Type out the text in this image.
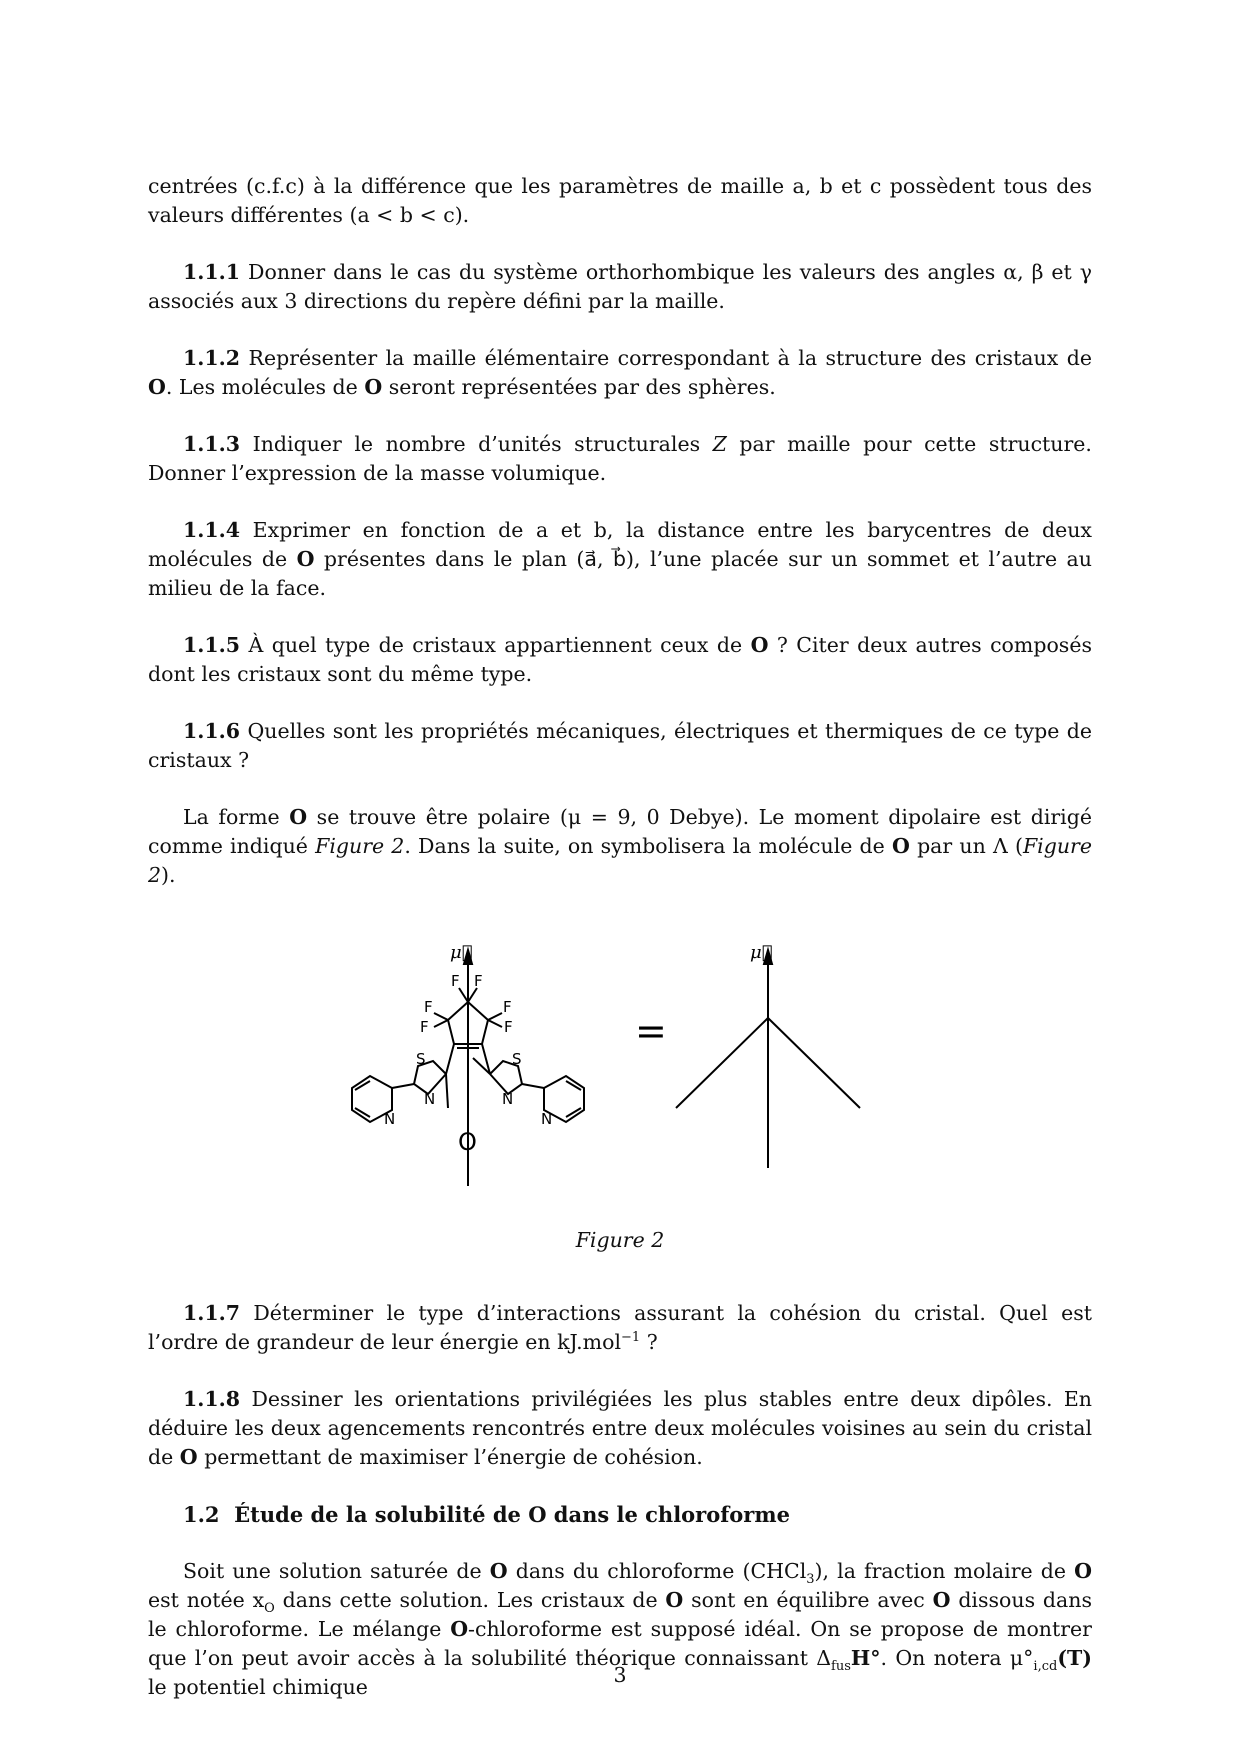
centrées (c.f.c) à la différence que les paramètres de maille a, b et c possèdent tous des valeurs différentes (a < b < c).

1.1.1 Donner dans le cas du système orthorhombique les valeurs des angles α, β et γ associés aux 3 directions du repère défini par la maille.

1.1.2 Représenter la maille élémentaire correspondant à la structure des cristaux de O. Les molécules de O seront représentées par des sphères.

1.1.3 Indiquer le nombre d’unités structurales Z par maille pour cette structure. Donner l’expression de la masse volumique.

1.1.4 Exprimer en fonction de a et b, la distance entre les barycentres de deux molécules de O présentes dans le plan (a⃗, b⃗), l’une placée sur un sommet et l’autre au milieu de la face.

1.1.5 À quel type de cristaux appartiennent ceux de O ? Citer deux autres composés dont les cristaux sont du même type.

1.1.6 Quelles sont les propriétés mécaniques, électriques et thermiques de ce type de cristaux ?

La forme O se trouve être polaire (μ = 9, 0 Debye). Le moment dipolaire est dirigé comme indiqué Figure 2. Dans la suite, on symbolisera la molécule de O par un Λ (Figure 2).

F F
F
F
F
F
S	S
N	N
N	N
μ⃗	μ⃗
O
=
Figure 2

1.1.7 Déterminer le type d’interactions assurant la cohésion du cristal. Quel est l’ordre de grandeur de leur énergie en kJ.mol$^{-1}$ ?

1.1.8 Dessiner les orientations privilégiées les plus stables entre deux dipôles. En déduire les deux agencements rencontrés entre deux molécules voisines au sein du cristal de O permettant de maximiser l’énergie de cohésion.

1.2 Étude de la solubilité de O dans le chloroforme

Soit une solution saturée de O dans du chloroforme (CHCl$_3$), la fraction molaire de O est notée $x_O$ dans cette solution. Les cristaux de O sont en équilibre avec O dissous dans le chloroforme. Le mélange O-chloroforme est supposé idéal. On se propose de montrer que l’on peut avoir accès à la solubilité théorique connaissant $\Delta_{fus}H^\circ$. On notera $\mu^\circ_{i,cd}(T)$ le potentiel chimique	3
